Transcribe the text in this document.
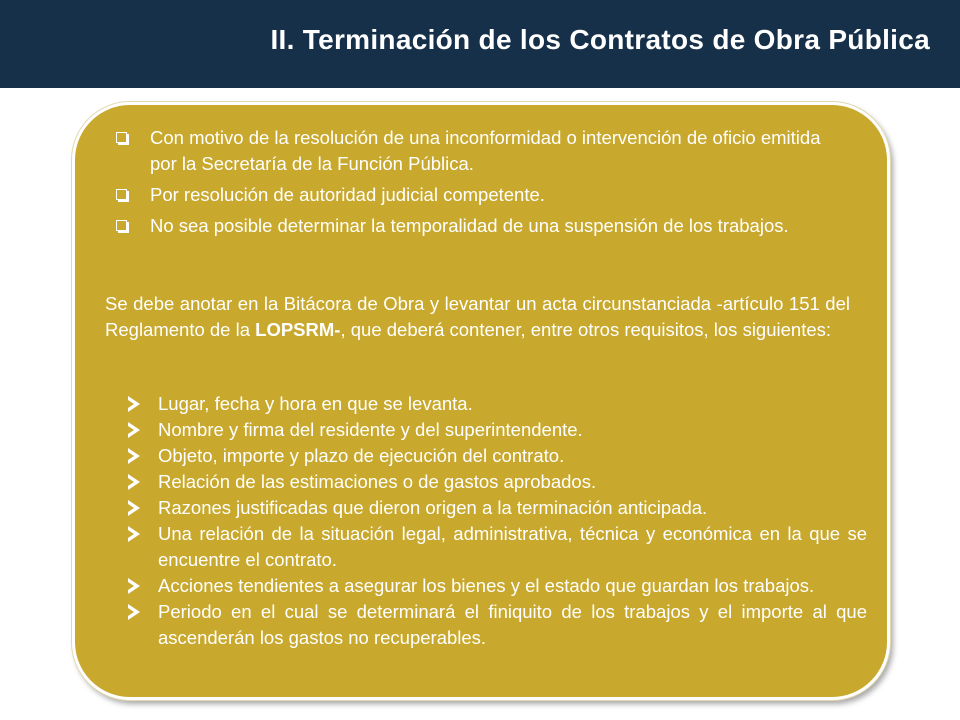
II. Terminación de los Contratos de Obra Pública
Con motivo de la resolución de una inconformidad o intervención de oficio emitida por la Secretaría de la Función Pública.
Por resolución de autoridad judicial competente.
No sea posible determinar la temporalidad de una suspensión de los trabajos.

Se debe anotar en la Bitácora de Obra y levantar un acta circunstanciada -artículo 151 del Reglamento de la LOPSRM-, que deberá contener, entre otros requisitos, los siguientes:

Lugar, fecha y hora en que se levanta.
Nombre y firma del residente y del superintendente.
Objeto, importe y plazo de ejecución del contrato.
Relación de las estimaciones o de gastos aprobados.
Razones justificadas que dieron origen a la terminación anticipada.
Una relación de la situación legal, administrativa, técnica y económica en la que se encuentre el contrato.
Acciones tendientes a asegurar los bienes y el estado que guardan los trabajos.
Periodo en el cual se determinará el finiquito de los trabajos y el importe al que ascenderán los gastos no recuperables.
